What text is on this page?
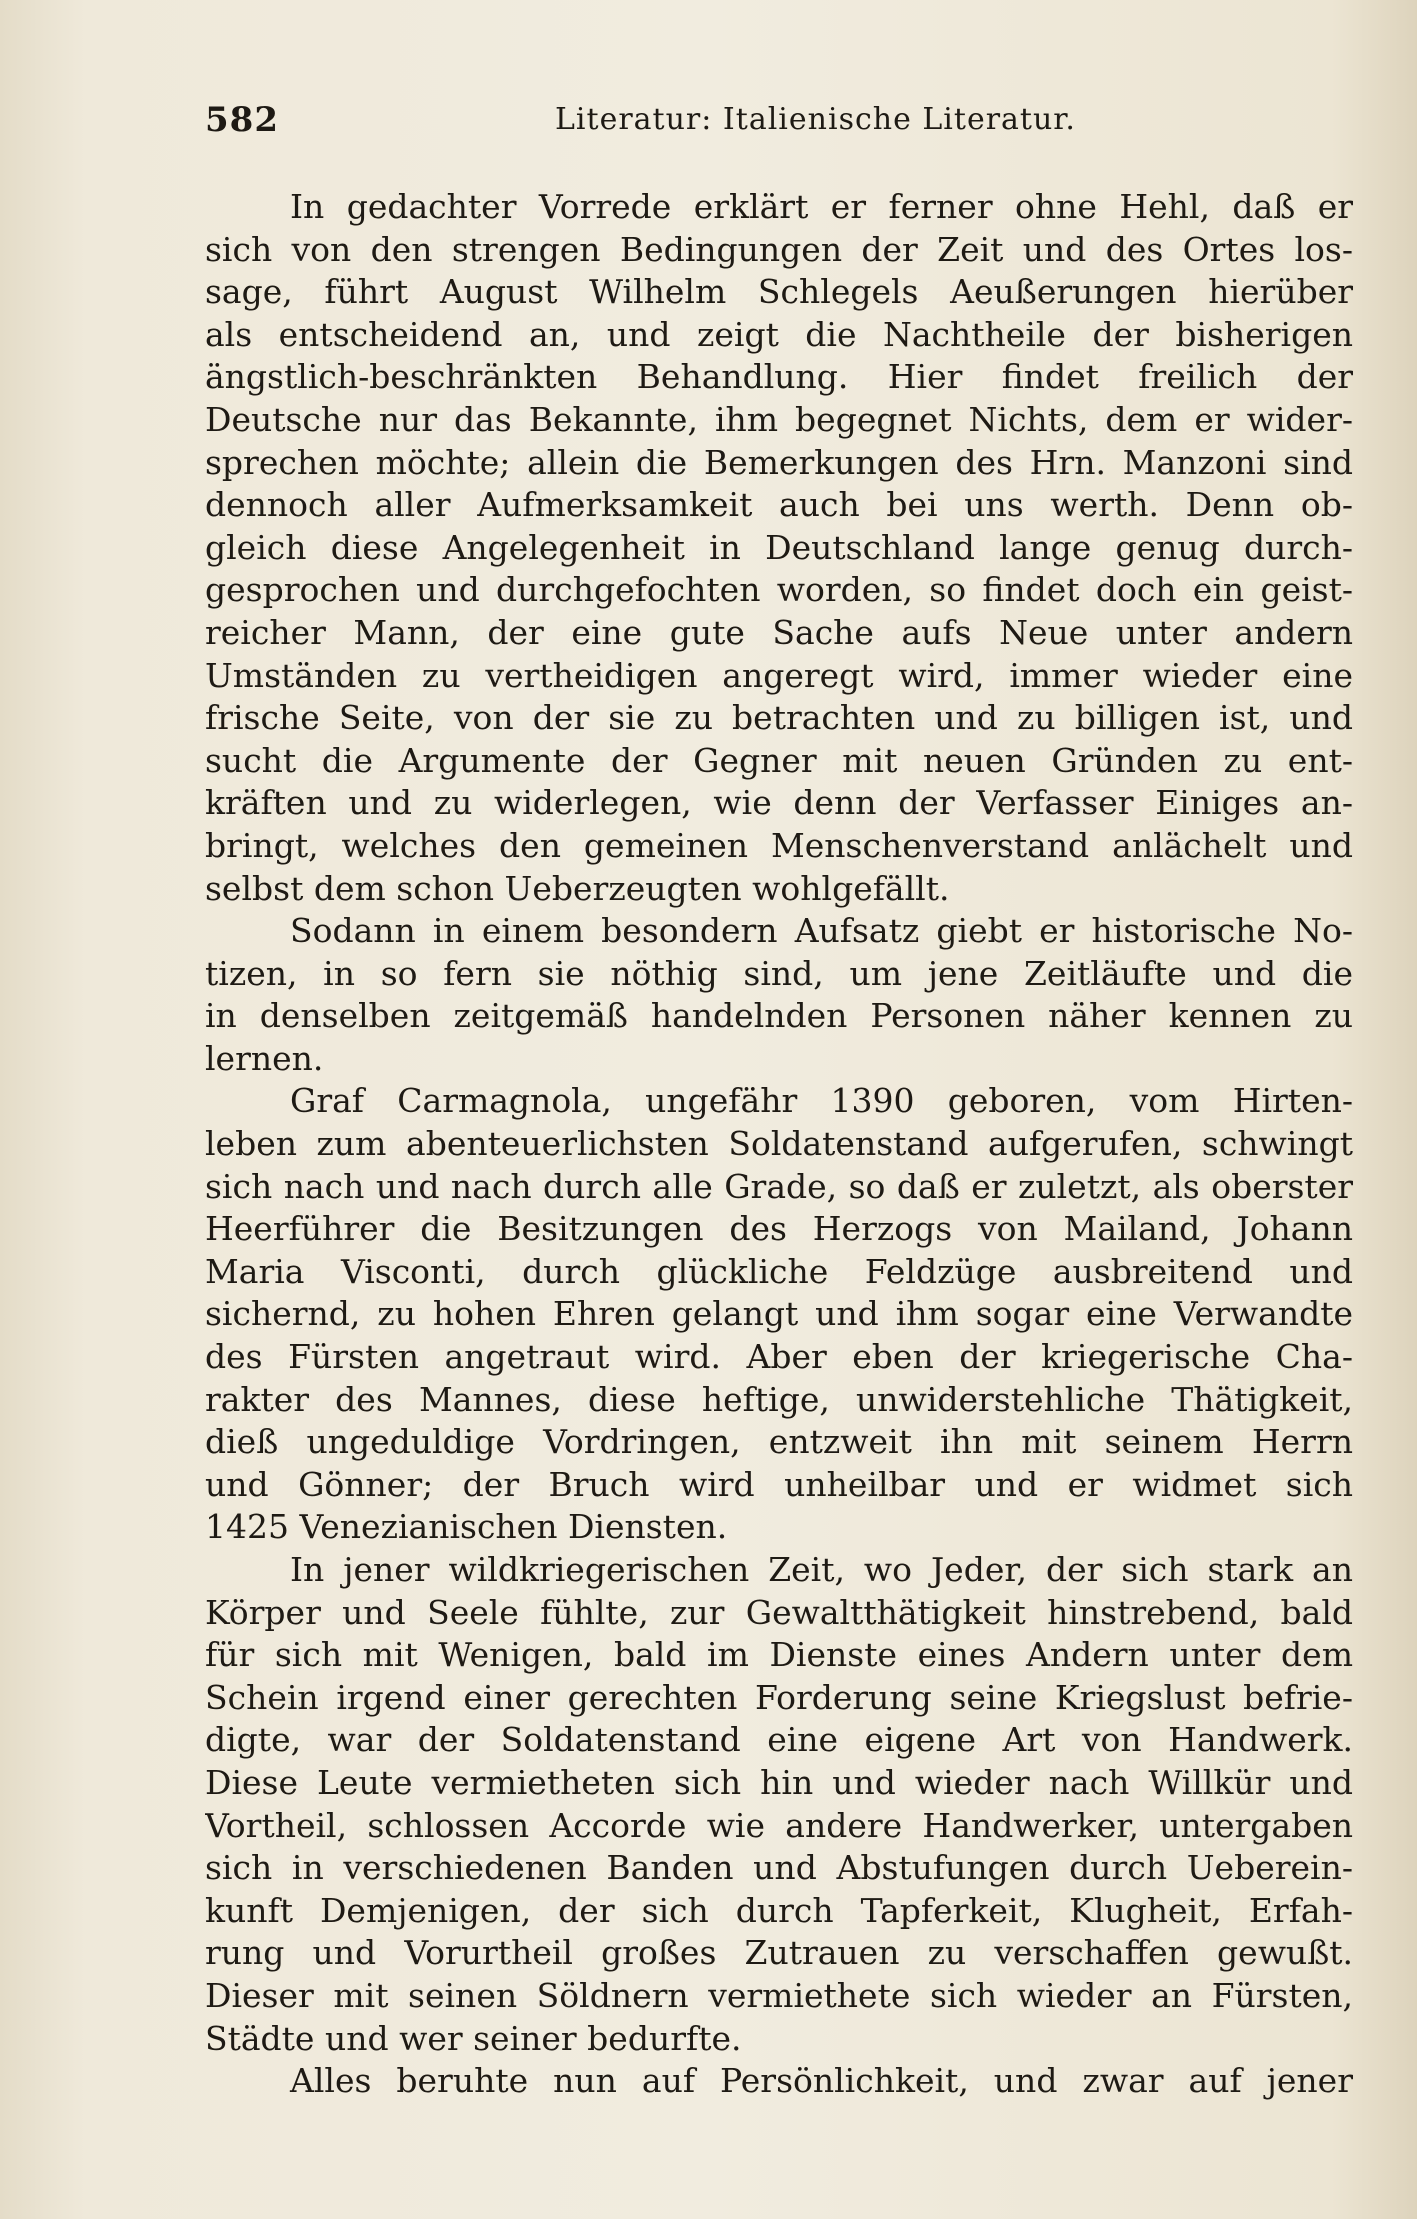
582	Literatur: Italienische Literatur.
In gedachter Vorrede erklärt er ferner ohne Hehl, daß er
sich von den strengen Bedingungen der Zeit und des Ortes los-
sage, führt August Wilhelm Schlegels Aeußerungen hierüber
als entscheidend an, und zeigt die Nachtheile der bisherigen
ängstlich-beschränkten Behandlung. Hier findet freilich der
Deutsche nur das Bekannte, ihm begegnet Nichts, dem er wider-
sprechen möchte; allein die Bemerkungen des Hrn. Manzoni sind
dennoch aller Aufmerksamkeit auch bei uns werth. Denn ob-
gleich diese Angelegenheit in Deutschland lange genug durch-
gesprochen und durchgefochten worden, so findet doch ein geist-
reicher Mann, der eine gute Sache aufs Neue unter andern
Umständen zu vertheidigen angeregt wird, immer wieder eine
frische Seite, von der sie zu betrachten und zu billigen ist, und
sucht die Argumente der Gegner mit neuen Gründen zu ent-
kräften und zu widerlegen, wie denn der Verfasser Einiges an-
bringt, welches den gemeinen Menschenverstand anlächelt und
selbst dem schon Ueberzeugten wohlgefällt.
Sodann in einem besondern Aufsatz giebt er historische No-
tizen, in so fern sie nöthig sind, um jene Zeitläufte und die
in denselben zeitgemäß handelnden Personen näher kennen zu
lernen.
Graf Carmagnola, ungefähr 1390 geboren, vom Hirten-
leben zum abenteuerlichsten Soldatenstand aufgerufen, schwingt
sich nach und nach durch alle Grade, so daß er zuletzt, als oberster
Heerführer die Besitzungen des Herzogs von Mailand, Johann
Maria Visconti, durch glückliche Feldzüge ausbreitend und
sichernd, zu hohen Ehren gelangt und ihm sogar eine Verwandte
des Fürsten angetraut wird. Aber eben der kriegerische Cha-
rakter des Mannes, diese heftige, unwiderstehliche Thätigkeit,
dieß ungeduldige Vordringen, entzweit ihn mit seinem Herrn
und Gönner; der Bruch wird unheilbar und er widmet sich
1425 Venezianischen Diensten.
In jener wildkriegerischen Zeit, wo Jeder, der sich stark an
Körper und Seele fühlte, zur Gewaltthätigkeit hinstrebend, bald
für sich mit Wenigen, bald im Dienste eines Andern unter dem
Schein irgend einer gerechten Forderung seine Kriegslust befrie-
digte, war der Soldatenstand eine eigene Art von Handwerk.
Diese Leute vermietheten sich hin und wieder nach Willkür und
Vortheil, schlossen Accorde wie andere Handwerker, untergaben
sich in verschiedenen Banden und Abstufungen durch Ueberein-
kunft Demjenigen, der sich durch Tapferkeit, Klugheit, Erfah-
rung und Vorurtheil großes Zutrauen zu verschaffen gewußt.
Dieser mit seinen Söldnern vermiethete sich wieder an Fürsten,
Städte und wer seiner bedurfte.
Alles beruhte nun auf Persönlichkeit, und zwar auf jener
